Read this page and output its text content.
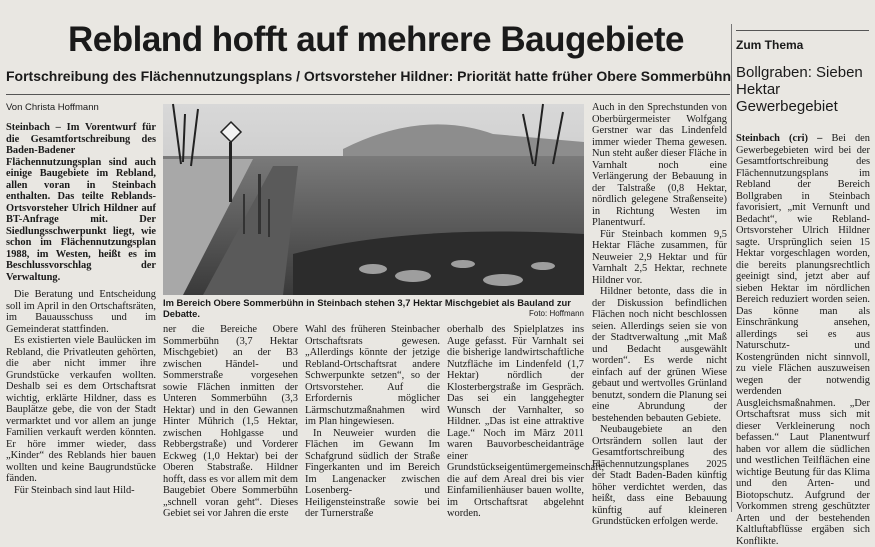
Rebland hofft auf mehrere Baugebiete
Fortschreibung des Flächennutzungsplans / Ortsvorsteher Hildner: Priorität hatte früher Obere Sommerbühn
Von Christa Hoffmann

Steinbach – Im Vorentwurf für die Gesamtfortschreibung des Baden-Badener Flächennutzungsplan sind auch einige Baugebiete im Rebland, allen voran in Steinbach enthalten. Das teilte Reblands-Ortsvorsteher Ulrich Hildner auf BT-Anfrage mit. Der Siedlungsschwerpunkt liegt, wie schon im Flächennutzungsplan 1988, im Westen, heißt es im Beschlussvorschlag der Verwaltung.

Die Beratung und Entscheidung soll im April in den Ortschaftsräten, im Bauausschuss und im Gemeinderat stattfinden.

Es existierten viele Baulücken im Rebland, die Privatleuten gehörten, die aber nicht immer ihre Grundstücke verkaufen wollten. Deshalb sei es dem Ortschaftsrat wichtig, erklärte Hildner, dass es Bauplätze gebe, die von der Stadt vermarktet und vor allem an junge Familien verkauft werden könnten. Er höre immer wieder, dass „Kinder“ des Reblands hier bauen wollten und keine Baugrundstücke fänden.

Für Steinbach sind laut Hild-

Im Bereich Obere Sommerbühn in Steinbach stehen 3,7 Hektar Mischgebiet als Bauland zur Debatte.	Foto: Hoffmann

ner die Bereiche Obere Sommerbühn (3,7 Hektar Mischgebiet) an der B3 zwischen Händel- und Sommerstraße vorgesehen sowie Flächen inmitten der Unteren Sommerbühn (3,3 Hektar) und in den Gewannen Hinter Mührich (1,5 Hektar, zwischen Hohlgasse und Rebbergstraße) und Vorderer Eckweg (1,0 Hektar) bei der Oberen Stabstraße. Hildner hofft, dass es vor allem mit dem Baugebiet Obere Sommerbühn „schnell voran geht“. Dieses Gebiet sei vor Jahren die erste

Wahl des früheren Steinbacher Ortschaftsrats gewesen. „Allerdings könnte der jetzige Rebland-Ortschaftsrat andere Schwerpunkte setzen“, so der Ortsvorsteher. Auf die Erfordernis möglicher Lärmschutzmaßnahmen wird im Plan hingewiesen.

In Neuweier wurden die Flächen im Gewann Im Schafgrund südlich der Straße Fingerkanten und im Bereich Im Langenacker zwischen Losenberg- und Heiligensteinstraße sowie bei der Turnerstraße

oberhalb des Spielplatzes ins Auge gefasst. Für Varnhalt sei die bisherige landwirtschaftliche Nutzfläche im Lindenfeld (1,7 Hektar) nördlich der Klosterbergstraße im Gespräch. Das sei ein langgehegter Wunsch der Varnhalter, so Hildner. „Das ist eine attraktive Lage.“ Noch im März 2011 waren Bauvorbescheidanträge einer Grundstückseigentümergemeinschaft, die auf dem Areal drei bis vier Einfamilienhäuser bauen wollte, im Ortschaftsrat abgelehnt worden.

Auch in den Sprechstunden von Oberbürgermeister Wolfgang Gerstner war das Lindenfeld immer wieder Thema gewesen. Nun steht außer dieser Fläche in Varnhalt noch eine Verlängerung der Bebauung in der Talstraße (0,8 Hektar, nördlich gelegene Straßenseite) in Richtung Westen im Planentwurf.

Für Steinbach kommen 9,5 Hektar Fläche zusammen, für Neuweier 2,9 Hektar und für Varnhalt 2,5 Hektar, rechnete Hildner vor.

Hildner betonte, dass die in der Diskussion befindlichen Flächen noch nicht beschlossen seien. Allerdings seien sie von der Stadtverwaltung „mit Maß und Bedacht ausgewählt worden“. Es werde nicht einfach auf der grünen Wiese gebaut und wertvolles Grünland benutzt, sondern die Planung sei eine Abrundung der bestehenden bebauten Gebiete.

Neubaugebiete an den Ortsrändern sollen laut der Gesamtfortschreibung des Flächennutzungsplanes 2025 der Stadt Baden-Baden künftig höher verdichtet werden, das heißt, dass eine Bebauung künftig auf kleineren Grundstücken erfolgen werde.

Zum Thema
Bollgraben: Sieben Hektar Gewerbegebiet

Steinbach (cri) – Bei den Gewerbegebieten wird bei der Gesamtfortschreibung des Flächennutzungsplans im Rebland der Bereich Bollgraben in Steinbach favorisiert, „mit Vernunft und Bedacht“, wie Rebland-Ortsvorsteher Ulrich Hildner sagte. Ursprünglich seien 15 Hektar vorgeschlagen worden, die bereits planungsrechtlich geeinigt sind, jetzt aber auf sieben Hektar im nördlichen Bereich reduziert worden seien. Das könne man als Einschränkung ansehen, allerdings sei es aus Naturschutz- und Kostengründen nicht sinnvoll, zu viele Flächen auszuweisen wegen der notwendig werdenden Ausgleichsmaßnahmen. „Der Ortschaftsrat muss sich mit dieser Verkleinerung noch befassen.“ Laut Planentwurf haben vor allem die südlichen und westlichen Teilflächen eine wichtige Beutung für das Klima und den Arten- und Biotopschutz. Aufgrund der Vorkommen streng geschützter Arten und der bestehenden Kaltluftabflüsse ergäben sich Konflikte.
